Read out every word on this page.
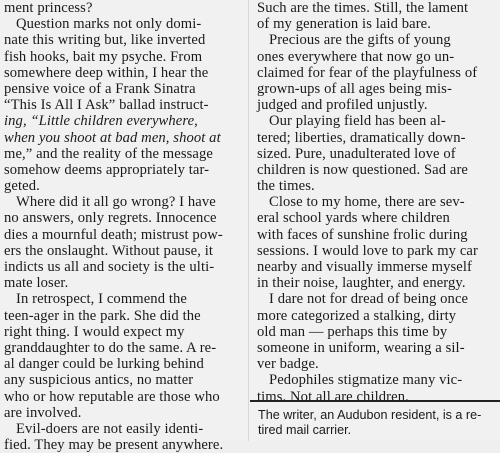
ment princess?
Question marks not only domi-
nate this writing but, like inverted
fish hooks, bait my psyche. From
somewhere deep within, I hear the
pensive voice of a Frank Sinatra
“This Is All I Ask” ballad instruct-
ing, “Little children everywhere,
when you shoot at bad men, shoot at
me,” and the reality of the message
somehow deems appropriately tar-
geted.
Where did it all go wrong? I have
no answers, only regrets. Innocence
dies a mournful death; mistrust pow-
ers the onslaught. Without pause, it
indicts us all and society is the ulti-
mate loser.
In retrospect, I commend the
teen-ager in the park. She did the
right thing. I would expect my
granddaughter to do the same. A re-
al danger could be lurking behind
any suspicious antics, no matter
who or how reputable are those who
are involved.
Evil-doers are not easily identi-
fied. They may be present anywhere.
Such are the times. Still, the lament
of my generation is laid bare.
Precious are the gifts of young
ones everywhere that now go un-
claimed for fear of the playfulness of
grown-ups of all ages being mis-
judged and profiled unjustly.
Our playing field has been al-
tered; liberties, dramatically down-
sized. Pure, unadulterated love of
children is now questioned. Sad are
the times.
Close to my home, there are sev-
eral school yards where children
with faces of sunshine frolic during
sessions. I would love to park my car
nearby and visually immerse myself
in their noise, laughter, and energy.
I dare not for dread of being once
more categorized a stalking, dirty
old man — perhaps this time by
someone in uniform, wearing a sil-
ver badge.
Pedophiles stigmatize many vic-
tims. Not all are children.
The writer, an Audubon resident, is a re-
tired mail carrier.
